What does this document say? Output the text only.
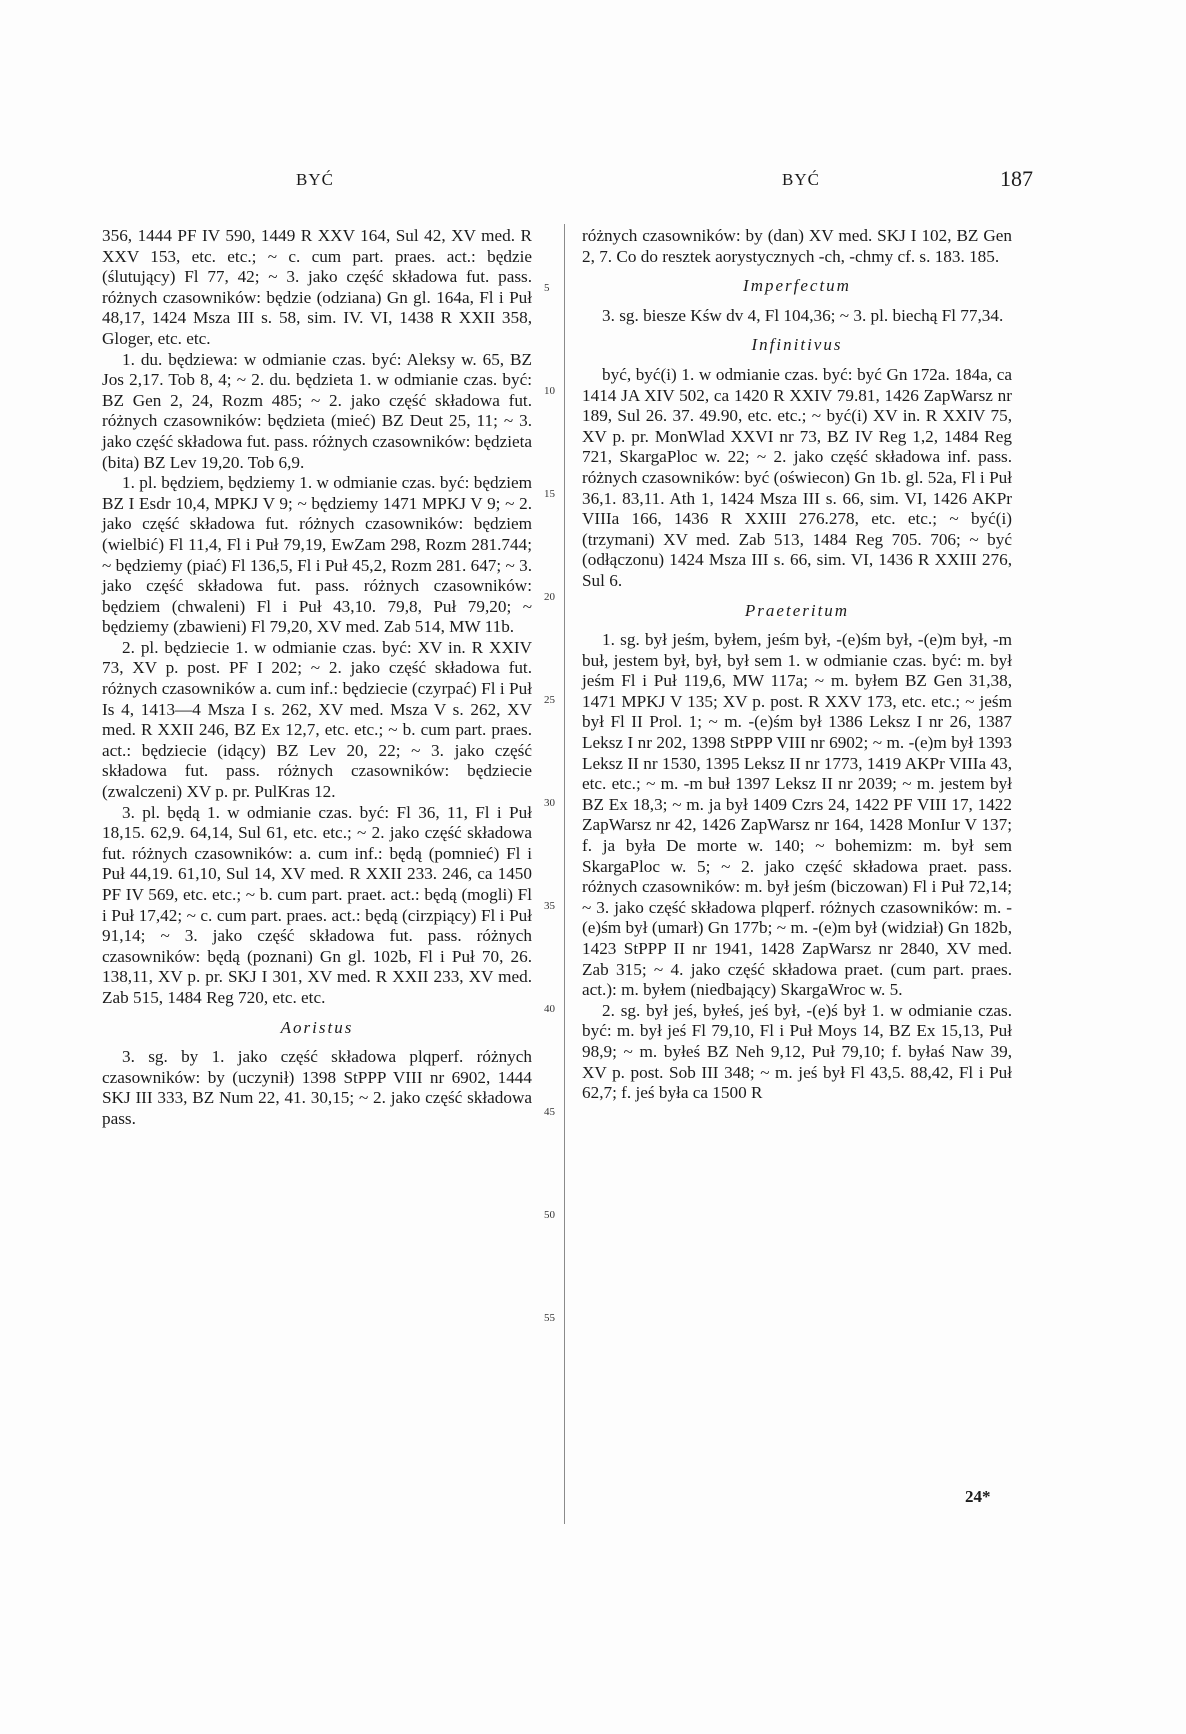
BYĆ	BYĆ	187

356, 1444 PF IV 590, 1449 R XXV 164, Sul 42, XV med. R XXV 153, etc. etc.; ~ c. cum part. praes. act.: będzie (ślutujący) Fl 77, 42; ~ 3. jako część składowa fut. pass. różnych czasowników: będzie (odziana) Gn gl. 164a, Fl i Puł 48,17, 1424 Msza III s. 58, sim. IV. VI, 1438 R XXII 358, Gloger, etc. etc.

1. du. będziewa: w odmianie czas. być: Aleksy w. 65, BZ Jos 2,17. Tob 8, 4; ~ 2. du. będzieta 1. w odmianie czas. być: BZ Gen 2, 24, Rozm 485; ~ 2. jako część składowa fut. różnych czasowników: będzieta (mieć) BZ Deut 25, 11; ~ 3. jako część składowa fut. pass. różnych czasowników: będzieta (bita) BZ Lev 19,20. Tob 6,9.

1. pl. będziem, będziemy 1. w odmianie czas. być: będziem BZ I Esdr 10,4, MPKJ V 9; ~ będziemy 1471 MPKJ V 9; ~ 2. jako część składowa fut. różnych czasowników: będziem (wielbić) Fl 11,4, Fl i Puł 79,19, EwZam 298, Rozm 281.744; ~ będziemy (piać) Fl 136,5, Fl i Puł 45,2, Rozm 281. 647; ~ 3. jako część składowa fut. pass. różnych czasowników: będziem (chwaleni) Fl i Puł 43,10. 79,8, Puł 79,20; ~ będziemy (zbawieni) Fl 79,20, XV med. Zab 514, MW 11b.

2. pl. będziecie 1. w odmianie czas. być: XV in. R XXIV 73, XV p. post. PF I 202; ~ 2. jako część składowa fut. różnych czasowników a. cum inf.: będziecie (czyrpać) Fl i Puł Is 4, 1413—4 Msza I s. 262, XV med. Msza V s. 262, XV med. R XXII 246, BZ Ex 12,7, etc. etc.; ~ b. cum part. praes. act.: będziecie (idący) BZ Lev 20, 22; ~ 3. jako część składowa fut. pass. różnych czasowników: będziecie (zwalczeni) XV p. pr. PulKras 12.

3. pl. będą 1. w odmianie czas. być: Fl 36, 11, Fl i Puł 18,15. 62,9. 64,14, Sul 61, etc. etc.; ~ 2. jako część składowa fut. różnych czasowników: a. cum inf.: będą (pomnieć) Fl i Puł 44,19. 61,10, Sul 14, XV med. R XXII 233. 246, ca 1450 PF IV 569, etc. etc.; ~ b. cum part. praet. act.: będą (mogli) Fl i Puł 17,42; ~ c. cum part. praes. act.: będą (cirzpiący) Fl i Puł 91,14; ~ 3. jako część składowa fut. pass. różnych czasowników: będą (poznani) Gn gl. 102b, Fl i Puł 70, 26. 138,11, XV p. pr. SKJ I 301, XV med. R XXII 233, XV med. Zab 515, 1484 Reg 720, etc. etc.

Aoristus

3. sg. by 1. jako część składowa plqperf. różnych czasowników: by (uczynił) 1398 StPPP VIII nr 6902, 1444 SKJ III 333, BZ Num 22, 41. 30,15; ~ 2. jako część składowa pass.

5
10
15
20
25
30
35
40
45
50
55

różnych czasowników: by (dan) XV med. SKJ I 102, BZ Gen 2, 7. Co do resztek aorystycznych -ch, -chmy cf. s. 183. 185.

Imperfectum

3. sg. biesze Kśw dv 4, Fl 104,36; ~ 3. pl. biechą Fl 77,34.

Infinitivus

być, być(i) 1. w odmianie czas. być: być Gn 172a. 184a, ca 1414 JA XIV 502, ca 1420 R XXIV 79.81, 1426 ZapWarsz nr 189, Sul 26. 37. 49.90, etc. etc.; ~ być(i) XV in. R XXIV 75, XV p. pr. MonWlad XXVI nr 73, BZ IV Reg 1,2, 1484 Reg 721, SkargaPloc w. 22; ~ 2. jako część składowa inf. pass. różnych czasowników: być (oświecon) Gn 1b. gl. 52a, Fl i Puł 36,1. 83,11. Ath 1, 1424 Msza III s. 66, sim. VI, 1426 AKPr VIIIa 166, 1436 R XXIII 276.278, etc. etc.; ~ być(i) (trzymani) XV med. Zab 513, 1484 Reg 705. 706; ~ być (odłączonu) 1424 Msza III s. 66, sim. VI, 1436 R XXIII 276, Sul 6.

Praeteritum

1. sg. był jeśm, byłem, jeśm był, -(e)śm był, -(e)m był, -m buł, jestem był, był, był sem 1. w odmianie czas. być: m. był jeśm Fl i Puł 119,6, MW 117a; ~ m. byłem BZ Gen 31,38, 1471 MPKJ V 135; XV p. post. R XXV 173, etc. etc.; ~ jeśm był Fl II Prol. 1; ~ m. -(e)śm był 1386 Leksz I nr 26, 1387 Leksz I nr 202, 1398 StPPP VIII nr 6902; ~ m. -(e)m był 1393 Leksz II nr 1530, 1395 Leksz II nr 1773, 1419 AKPr VIIIa 43, etc. etc.; ~ m. -m buł 1397 Leksz II nr 2039; ~ m. jestem był BZ Ex 18,3; ~ m. ja był 1409 Czrs 24, 1422 PF VIII 17, 1422 ZapWarsz nr 42, 1426 ZapWarsz nr 164, 1428 MonIur V 137; f. ja była De morte w. 140; ~ bohemizm: m. był sem SkargaPloc w. 5; ~ 2. jako część składowa praet. pass. różnych czasowników: m. był jeśm (biczowan) Fl i Puł 72,14; ~ 3. jako część składowa plqperf. różnych czasowników: m. -(e)śm był (umarł) Gn 177b; ~ m. -(e)m był (widział) Gn 182b, 1423 StPPP II nr 1941, 1428 ZapWarsz nr 2840, XV med. Zab 315; ~ 4. jako część składowa praet. (cum part. praes. act.): m. byłem (niedbający) SkargaWroc w. 5.

2. sg. był jeś, byłeś, jeś był, -(e)ś był 1. w odmianie czas. być: m. był jeś Fl 79,10, Fl i Puł Moys 14, BZ Ex 15,13, Puł 98,9; ~ m. byłeś BZ Neh 9,12, Puł 79,10; f. byłaś Naw 39, XV p. post. Sob III 348; ~ m. jeś był Fl 43,5. 88,42, Fl i Puł 62,7; f. jeś była ca 1500 R

24*
